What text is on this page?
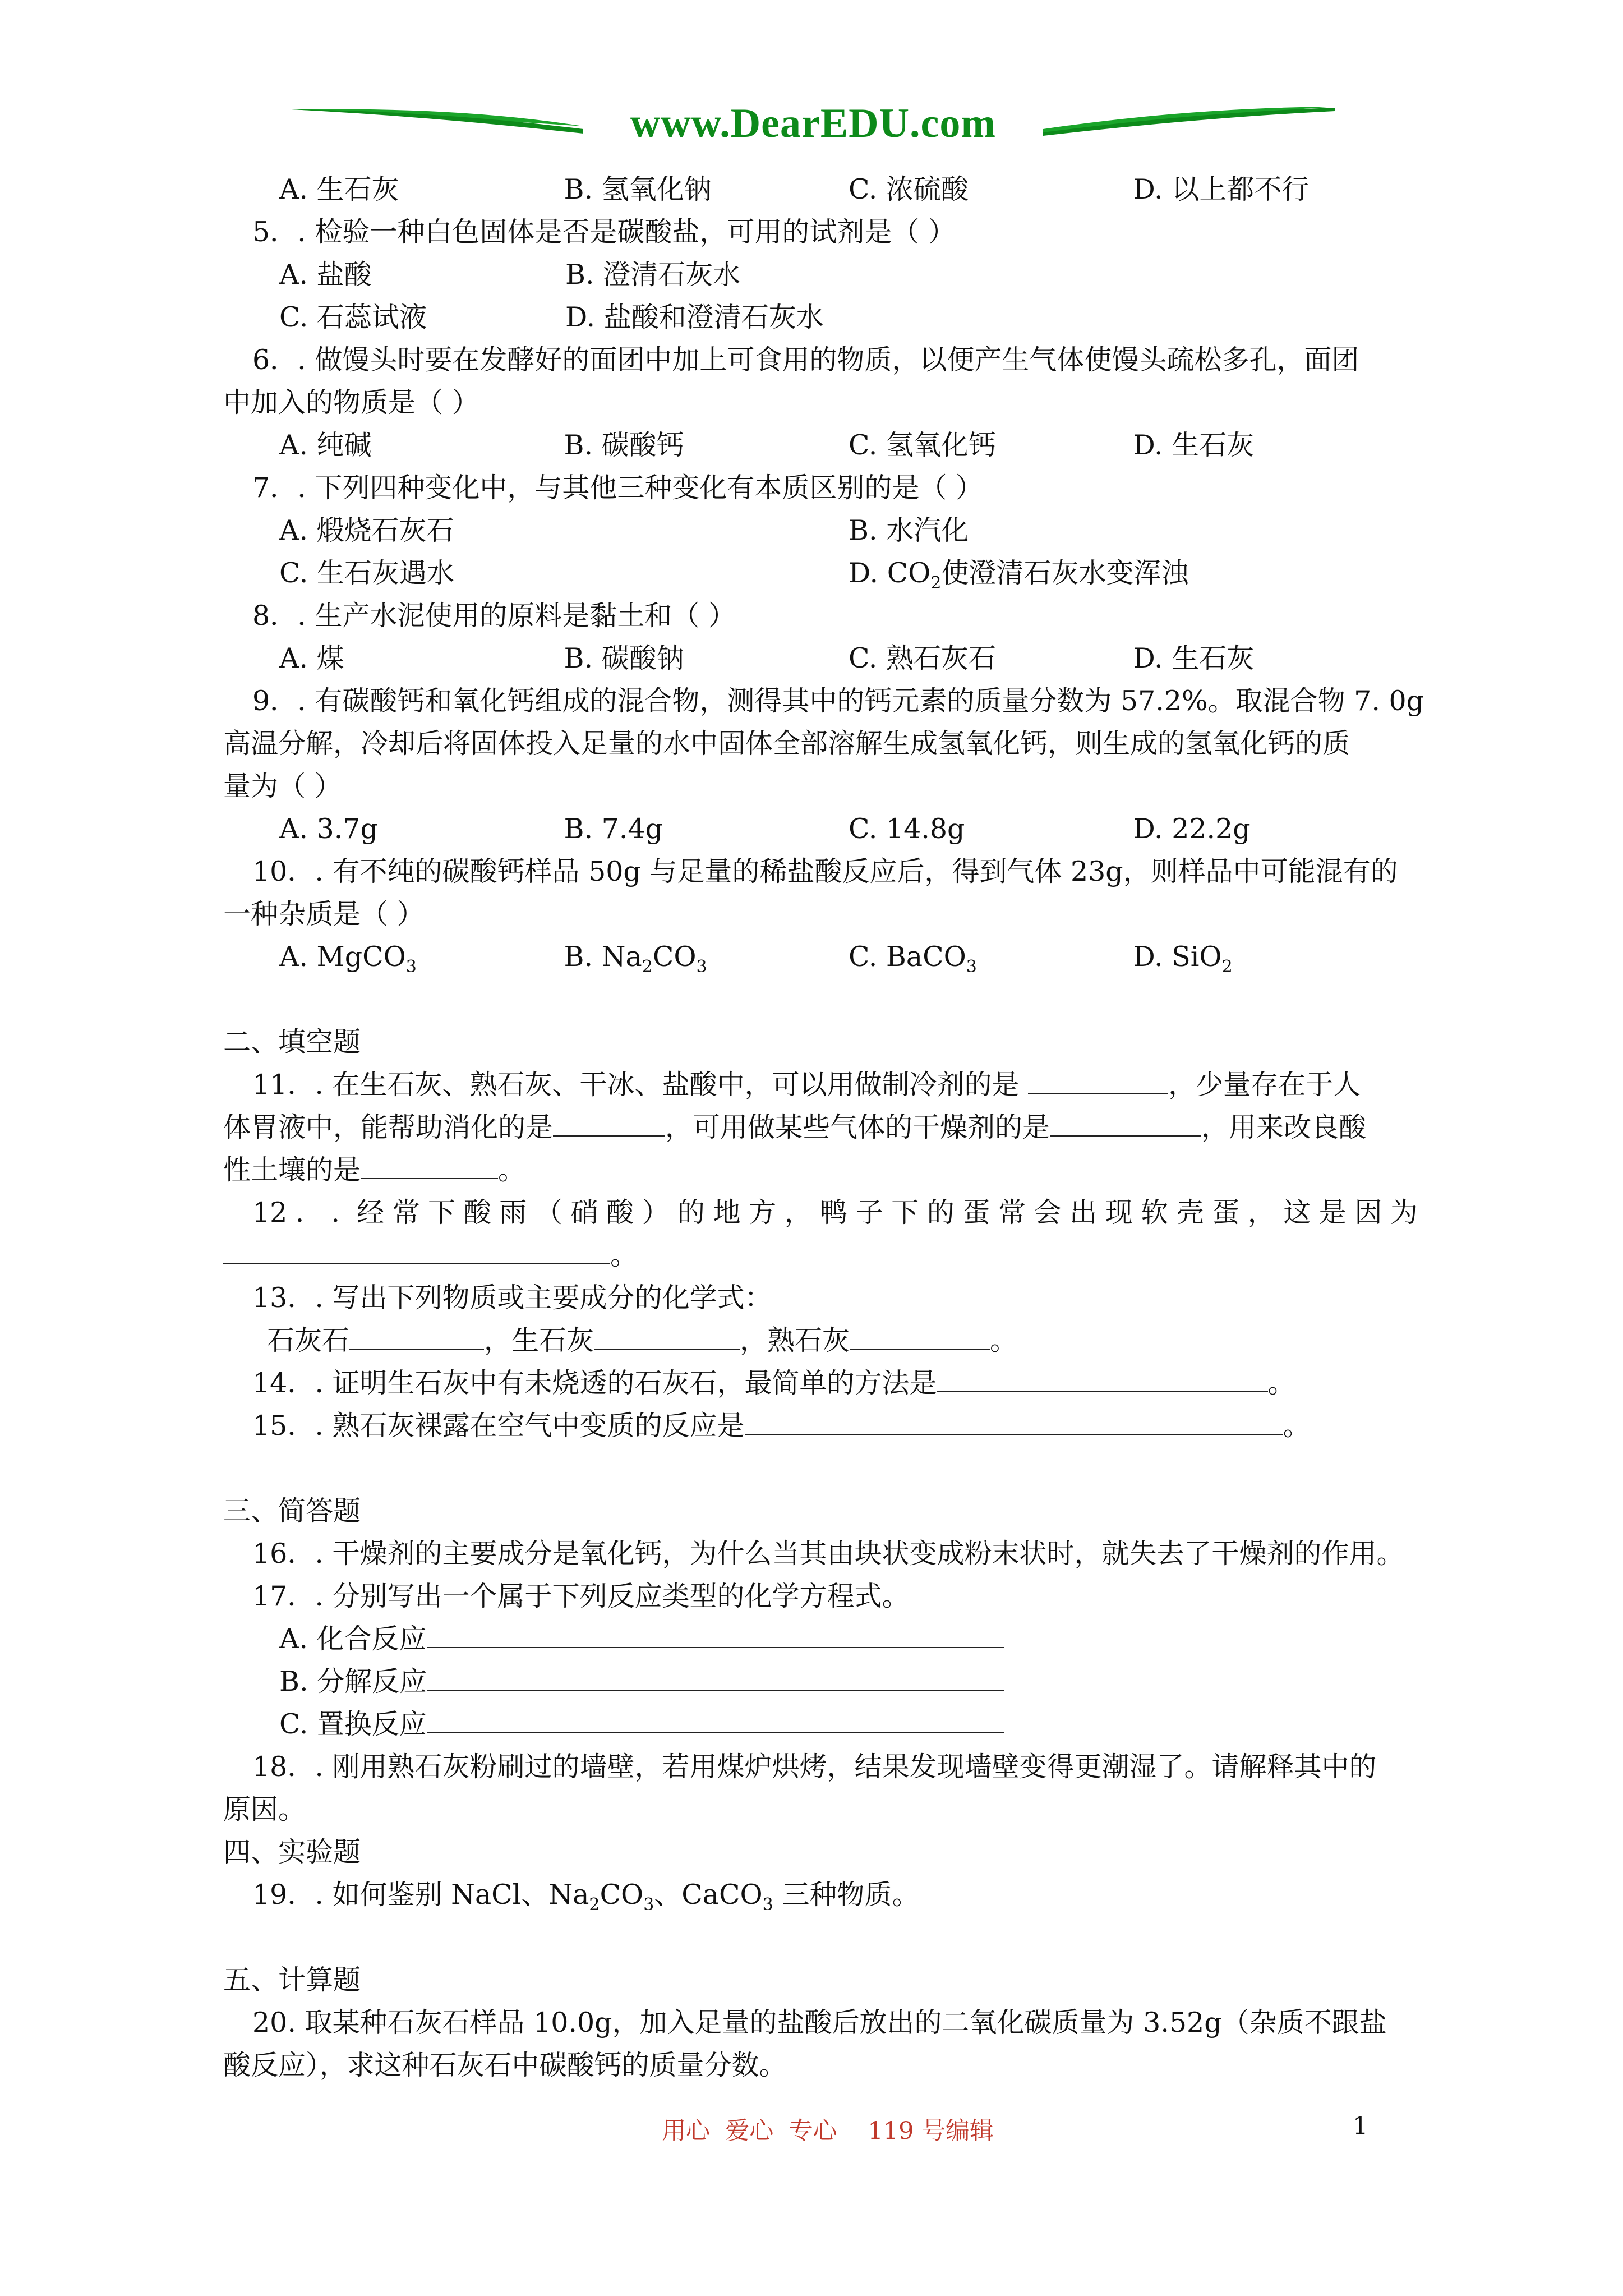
www.DearEDU.com
A. 生石灰	B. 氢氧化钠	C. 浓硫酸	D. 以上都不行
5．. 检验一种白色固体是否是碳酸盐，可用的试剂是（ ）
A. 盐酸	B. 澄清石灰水
C. 石蕊试液	D. 盐酸和澄清石灰水
6．. 做馒头时要在发酵好的面团中加上可食用的物质，以便产生气体使馒头疏松多孔，面团
中加入的物质是（ ）
A. 纯碱	B. 碳酸钙	C. 氢氧化钙	D. 生石灰
7．. 下列四种变化中，与其他三种变化有本质区别的是（ ）
A. 煅烧石灰石	B. 水汽化
C. 生石灰遇水	D. $CO_2$使澄清石灰水变浑浊
8．. 生产水泥使用的原料是黏土和（ ）
A. 煤	B. 碳酸钠	C. 熟石灰石	D. 生石灰
9．. 有碳酸钙和氧化钙组成的混合物，测得其中的钙元素的质量分数为 57.2%。取混合物 7. 0g
高温分解，冷却后将固体投入足量的水中固体全部溶解生成氢氧化钙，则生成的氢氧化钙的质
量为（ ）
A. 3.7g	B. 7.4g	C. 14.8g	D. 22.2g
10．. 有不纯的碳酸钙样品 50g 与足量的稀盐酸反应后，得到气体 23g，则样品中可能混有的
一种杂质是（ ）
A. MgCO$_3$	B. $Na_2CO_3$	C. BaCO$_3$	D. SiO$_2$
二、填空题
11．. 在生石灰、熟石灰、干冰、盐酸中，可以用做制冷剂的是	，少量存在于人
体胃液中，能帮助消化的是	，可用做某些气体的干燥剂的是	，用来改良酸
性土壤的是	。
12．. 经常下酸雨（硝酸）的地方，鸭子下的蛋常会出现软壳蛋，这是因为
。
13．. 写出下列物质或主要成分的化学式：
石灰石	，生石灰	，熟石灰	。
14．. 证明生石灰中有未烧透的石灰石，最简单的方法是	。
15．. 熟石灰裸露在空气中变质的反应是	。
三、简答题
16．. 干燥剂的主要成分是氧化钙，为什么当其由块状变成粉末状时，就失去了干燥剂的作用。
17．. 分别写出一个属于下列反应类型的化学方程式。
A. 化合反应
B. 分解反应
C. 置换反应
18．. 刚用熟石灰粉刷过的墙壁，若用煤炉烘烤，结果发现墙壁变得更潮湿了。请解释其中的
原因。
四、实验题
19．. 如何鉴别 NaCl、$Na_2CO_3$、CaCO$_3$ 三种物质。
五、计算题
20. 取某种石灰石样品 10.0g，加入足量的盐酸后放出的二氧化碳质量为 3.52g（杂质不跟盐
酸反应），求这种石灰石中碳酸钙的质量分数。
用心  爱心  专心    119 号编辑	1
